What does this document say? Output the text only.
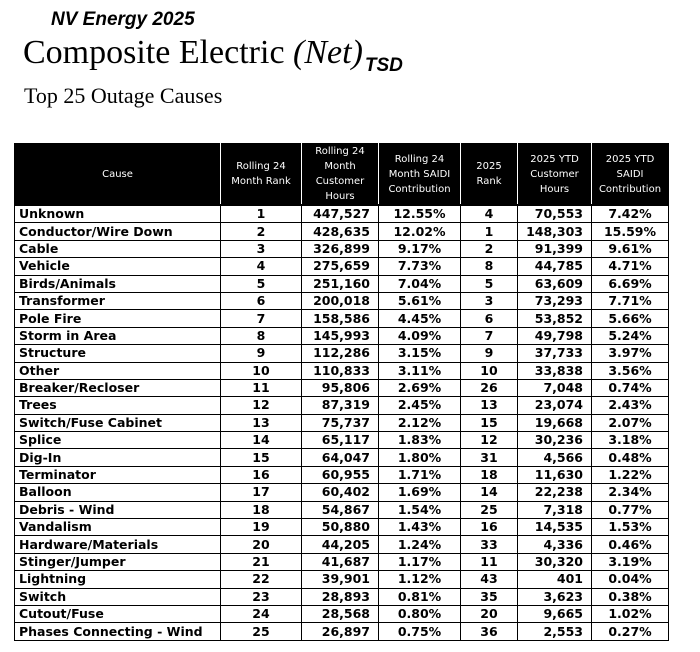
NV Energy 2025
Composite Electric (Net) $_{TSD}$
Top 25 Outage Causes
Cause	Rolling 24 Month Rank	Rolling 24 Month Customer Hours	Rolling 24 Month SAIDI Contribution	2025 Rank	2025 YTD Customer Hours	2025 YTD SAIDI Contribution
Unknown	1	447,527	12.55%	4	70,553	7.42%
Conductor/Wire Down	2	428,635	12.02%	1	148,303	15.59%
Cable	3	326,899	9.17%	2	91,399	9.61%
Vehicle	4	275,659	7.73%	8	44,785	4.71%
Birds/Animals	5	251,160	7.04%	5	63,609	6.69%
Transformer	6	200,018	5.61%	3	73,293	7.71%
Pole Fire	7	158,586	4.45%	6	53,852	5.66%
Storm in Area	8	145,993	4.09%	7	49,798	5.24%
Structure	9	112,286	3.15%	9	37,733	3.97%
Other	10	110,833	3.11%	10	33,838	3.56%
Breaker/Recloser	11	95,806	2.69%	26	7,048	0.74%
Trees	12	87,319	2.45%	13	23,074	2.43%
Switch/Fuse Cabinet	13	75,737	2.12%	15	19,668	2.07%
Splice	14	65,117	1.83%	12	30,236	3.18%
Dig-In	15	64,047	1.80%	31	4,566	0.48%
Terminator	16	60,955	1.71%	18	11,630	1.22%
Balloon	17	60,402	1.69%	14	22,238	2.34%
Debris - Wind	18	54,867	1.54%	25	7,318	0.77%
Vandalism	19	50,880	1.43%	16	14,535	1.53%
Hardware/Materials	20	44,205	1.24%	33	4,336	0.46%
Stinger/Jumper	21	41,687	1.17%	11	30,320	3.19%
Lightning	22	39,901	1.12%	43	401	0.04%
Switch	23	28,893	0.81%	35	3,623	0.38%
Cutout/Fuse	24	28,568	0.80%	20	9,665	1.02%
Phases Connecting - Wind	25	26,897	0.75%	36	2,553	0.27%
